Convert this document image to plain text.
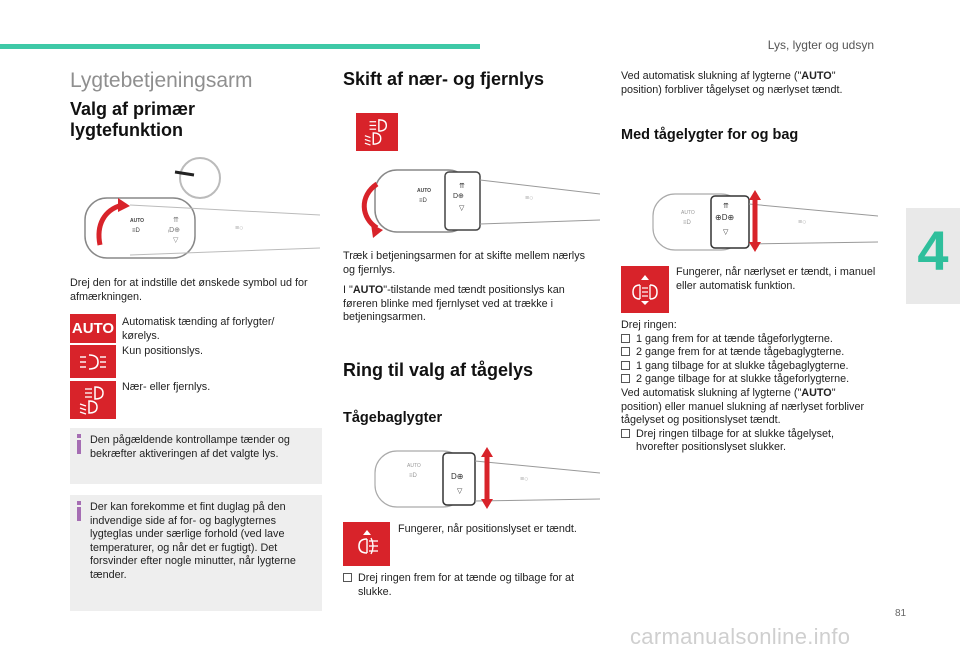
Lys, lygter og udsyn
4
Lygtebetjeningsarm
Valg af primær
lygtefunktion
AUTO
≡D
⇈
ᵢD⊕
▽
≡○
Drej den for at indstille det ønskede symbol ud for afmærkningen.
AUTO Automatisk tænding af forlygter/
kørelys.
Kun positionslys.
Nær- eller fjernlys.
Den pågældende kontrollampe tænder og bekræfter aktiveringen af det valgte lys.
Der kan forekomme et fint duglag på den indvendige side af for- og baglygternes lygteglas under særlige forhold (ved lave temperaturer, og når det er fugtigt). Det forsvinder efter nogle minutter, når lygterne tænder.
Skift af nær- og fjernlys
AUTO
≡D
⇈
D⊕
▽
≡○
Træk i betjeningsarmen for at skifte mellem nærlys og fjernlys.
I "AUTO"-tilstande med tændt positionslys kan føreren blinke med fjernlyset ved at trække i betjeningsarmen.
Ring til valg af tågelys
Tågebaglygter
AUTO
≡D	D⊕
▽
≡○
Fungerer, når positionslyset er tændt.
Drej ringen frem for at tænde og tilbage for at slukke.
Ved automatisk slukning af lygterne ("AUTO" position) forbliver tågelyset og nærlyset tændt.
Med tågelygter for og bag
AUTO
≡D
⇈
⊕D⊕
▽
≡○
Fungerer, når nærlyset er tændt, i manuel eller automatisk funktion.
Drej ringen:
1 gang frem for at tænde tågeforlygterne.
2 gange frem for at tænde tågebaglygterne.
1 gang tilbage for at slukke tågebaglygterne.
2 gange tilbage for at slukke tågeforlygterne.
Ved automatisk slukning af lygterne ("AUTO" position) eller manuel slukning af nærlyset forbliver tågelyset og positionslyset tændt.
Drej ringen tilbage for at slukke tågelyset, hvorefter positionslyset slukker.
81
carmanualsonline.info
